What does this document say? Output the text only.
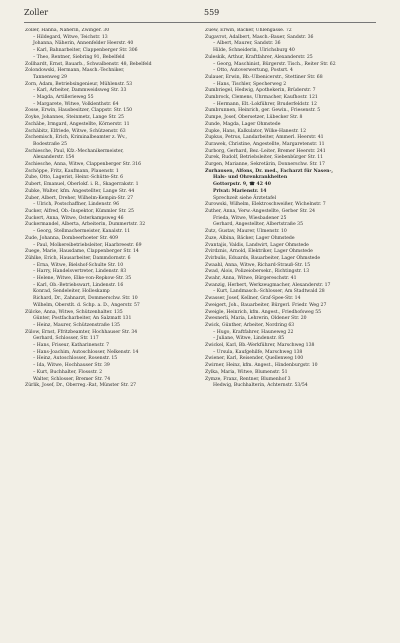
Zoller	559
Zoller, Hanna, Näherin, Zwinger. 30
– Hildegard, Witwe, Teichstr. 13
Johanna, Näherin, Annenfelder Heerstr. 40
– Karl, Bahnarbeiter, Clappenberger Str. 306
– Theo, Rentner, Siebring 91, Bebelfeld
Zollhardt, Ernst, Bauarb., Schwalbenstr. 48, Bebelfeld
Zolondowski, Hermann, Masch.-Techniker,
Tannenweg 29
Zorn, Adam, Betriebsingenieur, Mühlenstr. 53
– Karl, Arbeiter, Dammweidsweg Str. 33
– Magda, Artillerieweg 55
– Margarete, Witwe, Volklenthstr. 64
Zosse, Erwin, Hausbesitzer, Clappstr. Str. 150
Zoyke, Johannes, Steinmetz, Lange Str. 25
Zschäbe, Irmgard, Angestellte, Körnerstr. 11
Zschäbitz, Elfriede, Witwe, Schützenstr. 63
Zschemisch, Erich, Kriminalbeamter z. Wv.,
Bodestraße 25
Zschiesche, Paul, Kfz.-Mechanikermeister,
Alexanderstr. 154
Zschiesche, Anna, Witwe, Clappenberger Str. 316
Zschöppe, Fritz, Kaufmann, Plauenstr. 1
Zube, Otto, Lagerist, Heinr.-Schütte-Str. 6
Zubert, Emanuel, Oberlokf. i. R., Skagerrakstr. 1
Zubke, Walter, kfm. Angestellter, Lange Str. 44
Zuber, Albert, Dreher, Wilhelm-Kempin-Str. 27
– Ulrich, Postschaffner, Lindenstr. 96
Zucker, Alfred, Ob.-Inspektor, Kümmler Str. 25
Zuckert, Anna, Witwe, Osterkampsweg 46
Zuckermandel, Alberta, Arbeiterin, Dummertstr. 32
– Georg, Stellmachermeister, Kanalstr. 11
Zude, Johanna, Dombeerhoeter Str. 409
– Paul, Molkereibetriebsleiter, Haarbreestr. 69
Zuege, Marie, Hausdame, Clappenberger Str. 14
Zühlke, Erich, Hausarbeiter, Dammdornstr. 6
– Erna, Witwe, Bielshof-Schulte Str. 10
– Harry, Handelsvertreter, Lindenstr. 83
– Helene, Witwe, Elke-von-Repkow-Str. 35
– Karl, Ob.-Betriebswart, Lindenstr. 16
Konrad, Sendeleiter, Holleskamp
Richard, Dr., Zahnarzt, Dommerschw. Str. 10
Wilhelm, Oberstlt. d. Schp. a. D., Angerstr. 57
Zülcke, Anna, Witwe, Schützenhalter. 135
Günter, Postfacharbeiter, An Salzmatt 131
– Heinz, Maurer, Schützenstraße 135
Zülow, Ernst, Ffritzbeamter, Hochhauser Str. 34
Gerhard, Schlosser, Str. 117
– Hans, Friseur, Katharinenstr. 7
– Hans-Joachim, Autoschlosser, Nelkenstr. 14
– Heinz, Autoschlosser, Rosenstr. 15
– Ida, Witwe, Hochhauser Str. 39
– Kurt, Buchhalter, Flossstr. 2
Walter, Schlosser, Bremer Str. 74
Zürlik, Josef, Dr., Oberreg.-Rat, Münster Str. 27
Zuew, Erwin, Bäcker, Uhlengasse. 72
Zugavrot, Adalbert, Masch.-Bauer, Sandstr. 36
– Albert, Maurer, Sandstr. 36
Hilde, Schneiderin, Ulrichsburg 40
Zuleskik, Arthur, Kraftfahrer, Alexanderstr. 25
– Georg, Maschinist, Bürgerstr. Tisch., Reiter Str. 62
– Otto, Autoverwertung, Postsrt. 4
Zulauer, Erwin, Bb.-Ulbenicerstr., Stettiner Str. 68
– Hans, Tischler, Specherweg 2
Zumbriegel, Hedwig, Apothekerin, Brüderstr. 7
Zumbrock, Clemens, Uhrmacher, Kaufhostr. 121
– Hermann, Elt.-Lokführer, Bruderfeldstr. 12
Zumbrunnen, Heinrich, ger. Gewin., Friesenstr. 5
Zumpe, Josef, Obersetzer, Lübecker Str. 8
Zunde, Magda, Lager Ohmstede
Zupke, Hans, Kalkulator, Wilke-Hanestr. 12
Zupkus, Petrus, Landarbeiter, Ammerl. Heerstr. 41
Zurawek, Christine, Angestellte, Margaretenstr. 11
Zurborg, Gerhard, Bez.-Leiter, Bremer Heerstr. 241
Zurek, Rudolf, Betriebsleiter, Siebenbürger Str. 11
Zurgen, Marianne, Sekretärin, Donnerschw. Str. 17
Zurhausen, Alfons, Dr. med., Facharzt für Nasen-,
Hals- und Ohrenkrankheiten
Gottorpstr. 9, ☎ 42 40
Privat: Marienstr. 14
Sprechzeit siehe Ärztetafel
Zurowski, Wilhelm, Elektroschweißer, Wichelnstr. 7
Zuther, Anna, Verw.-Angestellte, Gerber Str. 24
Frieda, Witwe, Wiesbadener 25
Gerhard, Angestellter, Albertstraße 35
Zutz, Gustav, Maurer, Ulmenstr. 10
Zuze, Albina, Bäcker, Lager Ohmstede
Zvantajis, Valdis, Landwirt, Lager Ohmstede
Zvirdznis, Arnold, Elektriker, Lager Ohmstede
Zvirbulis, Eduards, Bauarbeiter, Lager Ohmstede
Zwaahl, Anna, Witwe, Richard-Strauß-Str. 15
Zwad, Alois, Polizeiobersekr., Richtingstr. 13
Zwahr, Anna, Witwe, Bürgereschstr. 41
Zwanzig, Herbert, Werkzeugmacher, Alexanderstr. 17
– Kurt, Landmasch.-Schlosser, Am Stadtwald 28
Zwasser, Josef, Kellner, Graf-Spee-Str. 14
Zweigert, Joh., Bauarbeiter, Bürgerl. Friedr. Weg 27
Zweigle, Heinrich, kfm. Angest., Friedhofsweg 55
Zwesnerli, Maria, Lehrerin, Oldener Str. 20
Zwick, Günther, Arbeiter, Nordring 63
– Hugo, Kraftfahrer, Hauneweg 22
– Juliane, Witwe, Lindenstr. 85
Zwickel, Karl, Bb.-Werkführer, Marschweg 138
– Ursula, Kaufgehilfe, Marschweg 138
Zwiener, Karl, Reisender, Quellenweg 100
Zwirner, Heinz, kfm. Angest., Hindenburgstr. 10
Zylka, Maria, Witwe, Blumenstr. 51
Zymze, Franz, Rentner, Blumenhof 3
Hedwig, Buchhalterin, Achternstr. 53/54
